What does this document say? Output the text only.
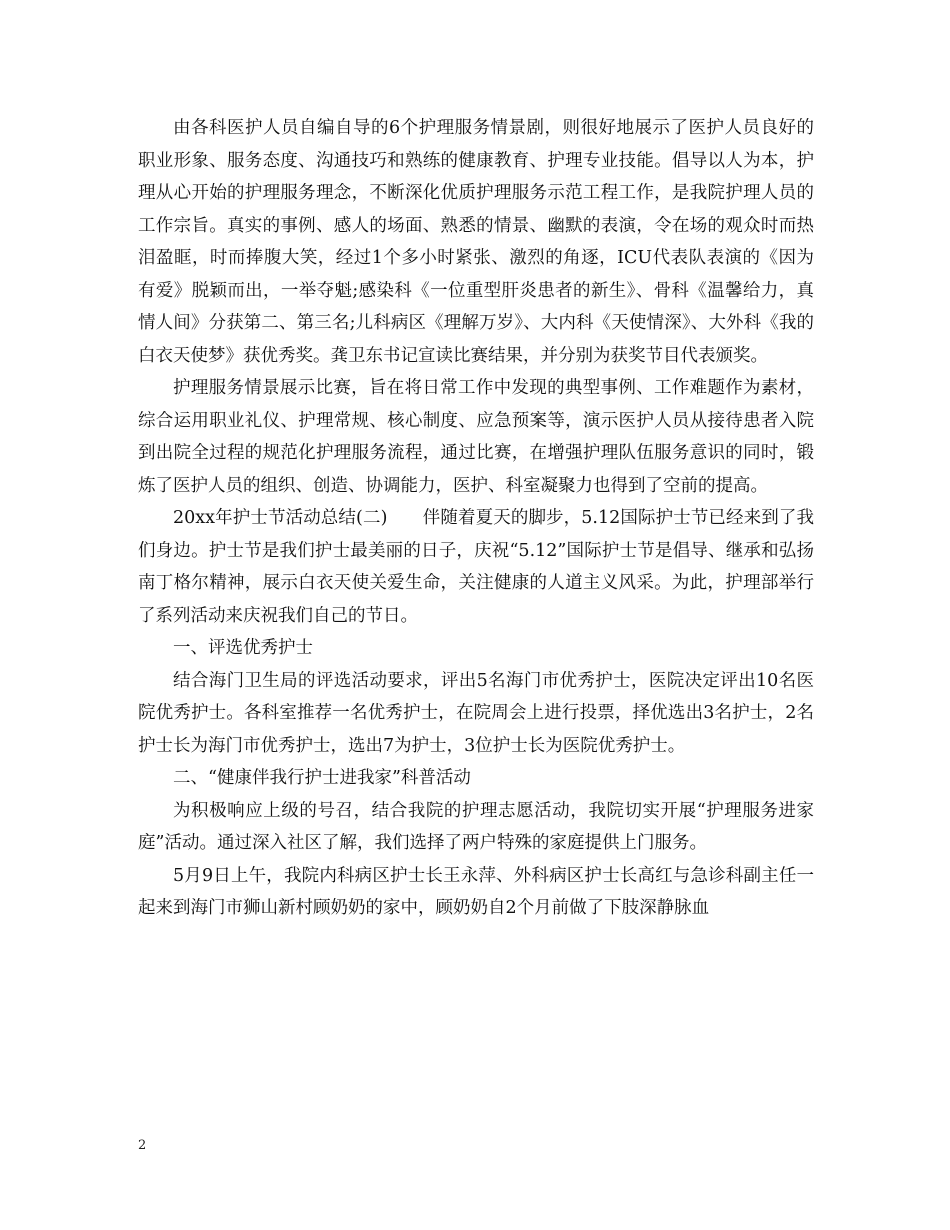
由各科医护人员自编自导的6个护理服务情景剧，则很好地展示了医护人员良好的职业形象、服务态度、沟通技巧和熟练的健康教育、护理专业技能。倡导以人为本，护理从心开始的护理服务理念，不断深化优质护理服务示范工程工作，是我院护理人员的工作宗旨。真实的事例、感人的场面、熟悉的情景、幽默的表演，令在场的观众时而热泪盈眶，时而捧腹大笑，经过1个多小时紧张、激烈的角逐，ICU代表队表演的《因为有爱》脱颖而出，一举夺魁;感染科《一位重型肝炎患者的新生》、骨科《温馨给力，真情人间》分获第二、第三名;儿科病区《理解万岁》、大内科《天使情深》、大外科《我的白衣天使梦》获优秀奖。龚卫东书记宣读比赛结果，并分别为获奖节目代表颁奖。

护理服务情景展示比赛，旨在将日常工作中发现的典型事例、工作难题作为素材，综合运用职业礼仪、护理常规、核心制度、应急预案等，演示医护人员从接待患者入院到出院全过程的规范化护理服务流程，通过比赛，在增强护理队伍服务意识的同时，锻炼了医护人员的组织、创造、协调能力，医护、科室凝聚力也得到了空前的提高。

20xx年护士节活动总结(二)　　伴随着夏天的脚步，5.12国际护士节已经来到了我们身边。护士节是我们护士最美丽的日子，庆祝“5.12”国际护士节是倡导、继承和弘扬南丁格尔精神，展示白衣天使关爱生命，关注健康的人道主义风采。为此，护理部举行了系列活动来庆祝我们自己的节日。

一、评选优秀护士

结合海门卫生局的评选活动要求，评出5名海门市优秀护士，医院决定评出10名医院优秀护士。各科室推荐一名优秀护士，在院周会上进行投票，择优选出3名护士，2名护士长为海门市优秀护士，选出7为护士，3位护士长为医院优秀护士。

二、“健康伴我行护士进我家”科普活动

为积极响应上级的号召，结合我院的护理志愿活动，我院切实开展“护理服务进家庭”活动。通过深入社区了解，我们选择了两户特殊的家庭提供上门服务。

5月9日上午，我院内科病区护士长王永萍、外科病区护士长高红与急诊科副主任一起来到海门市狮山新村顾奶奶的家中，顾奶奶自2个月前做了下肢深静脉血

2
